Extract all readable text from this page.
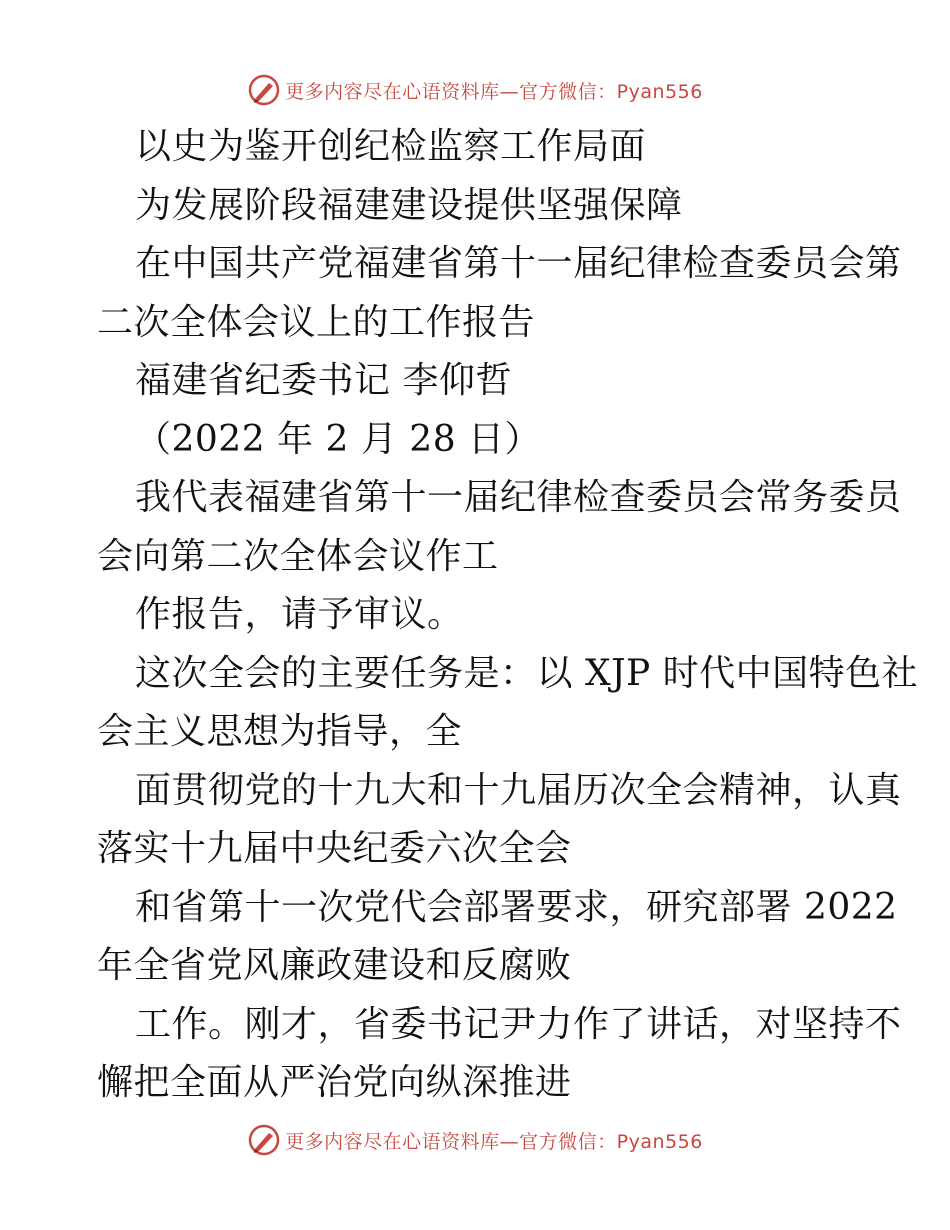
更多内容尽在心语资料库—官方微信：Pyan556
以史为鉴开创纪检监察工作局面
为发展阶段福建建设提供坚强保障
在中国共产党福建省第十一届纪律检查委员会第
二次全体会议上的工作报告
福建省纪委书记 李仰哲
（2022 年 2 月 28 日）
我代表福建省第十一届纪律检查委员会常务委员
会向第二次全体会议作工
作报告，请予审议。
这次全会的主要任务是：以 XJP 时代中国特色社
会主义思想为指导，全
面贯彻党的十九大和十九届历次全会精神，认真
落实十九届中央纪委六次全会
和省第十一次党代会部署要求，研究部署 2022
年全省党风廉政建设和反腐败
工作。刚才，省委书记尹力作了讲话，对坚持不
懈把全面从严治党向纵深推进
更多内容尽在心语资料库—官方微信：Pyan556
